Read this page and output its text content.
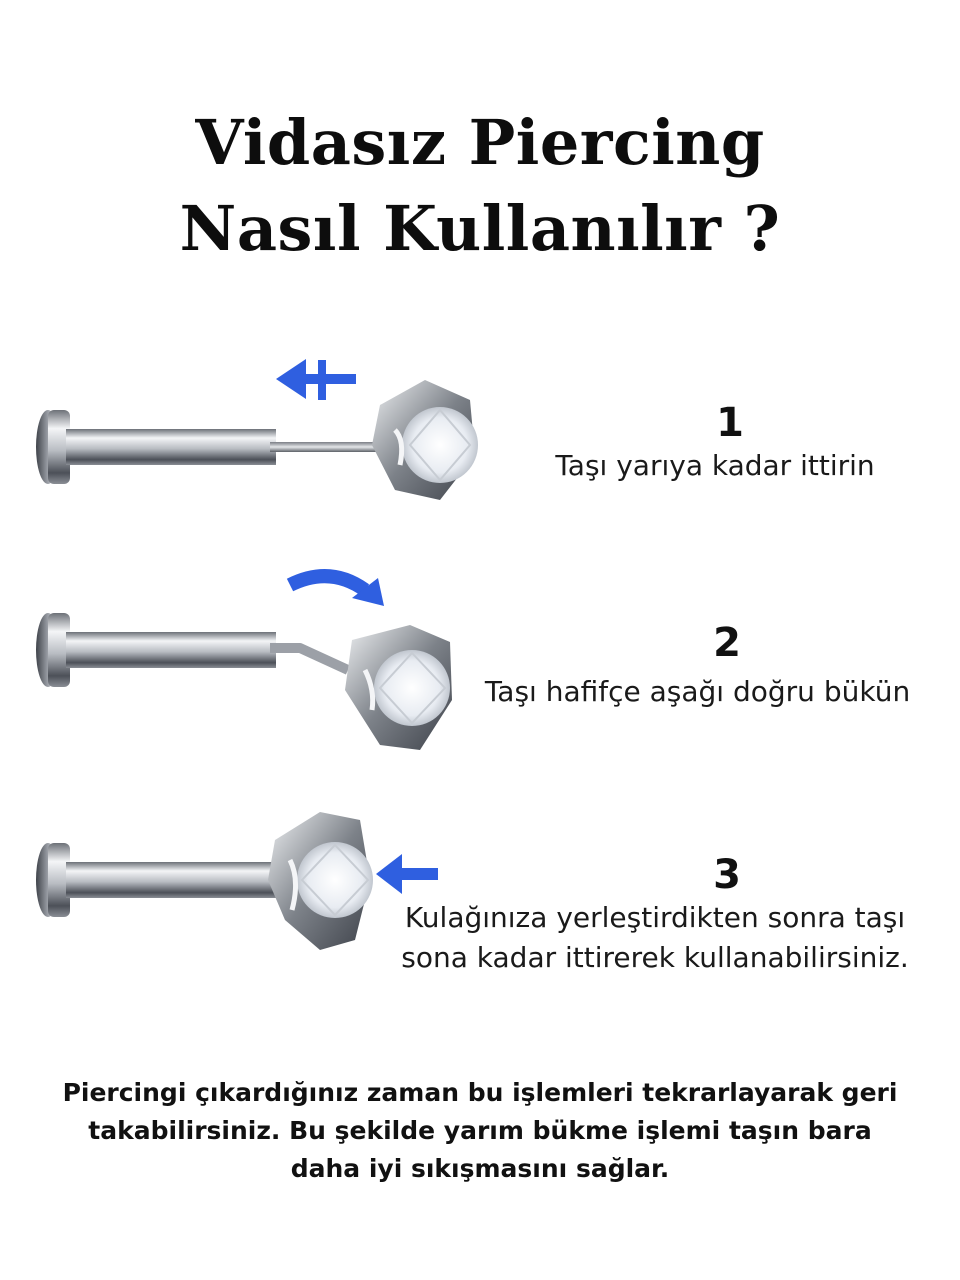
Vidasız Piercing
Nasıl Kullanılır ?
1
Taşı yarıya kadar ittirin
2
Taşı hafifçe aşağı doğru bükün
3
Kulağınıza yerleştirdikten sonra taşı
sona kadar ittirerek kullanabilirsiniz.
Piercingi çıkardığınız zaman bu işlemleri tekrarlayarak geri
takabilirsiniz. Bu şekilde yarım bükme işlemi taşın bara
daha iyi sıkışmasını sağlar.
